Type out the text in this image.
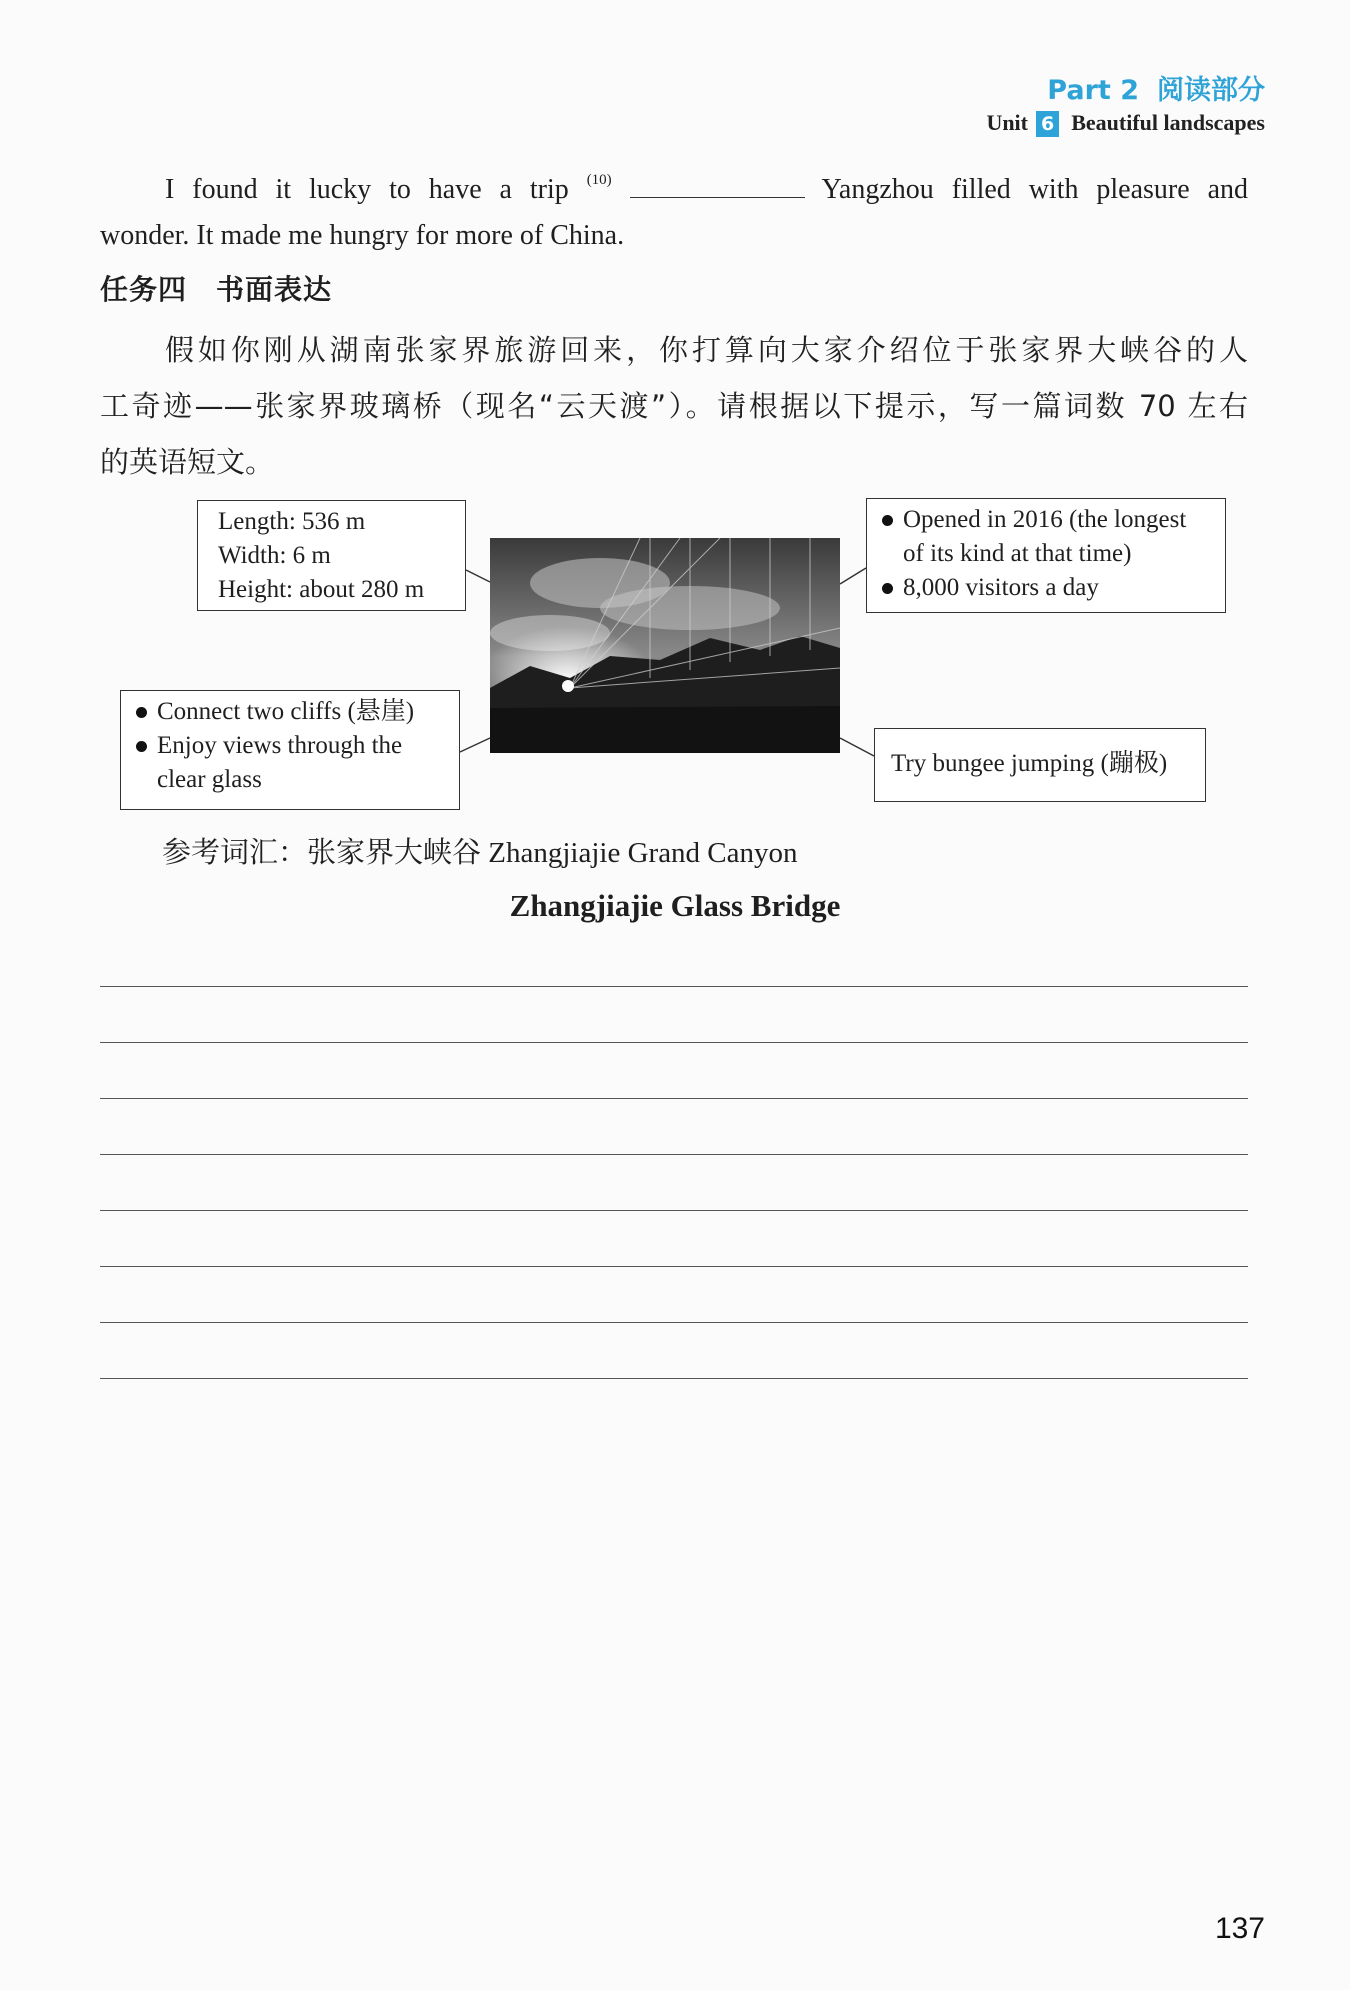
Part 2 阅读部分
Unit 6 Beautiful landscapes
I found it lucky to have a trip $^{(10)}$	Yangzhou filled with pleasure and
wonder. It made me hungry for more of China.
任务四　书面表达
假如你刚从湖南张家界旅游回来，你打算向大家介绍位于张家界大峡谷的人
工奇迹——张家界玻璃桥（现名“云天渡”）。请根据以下提示，写一篇词数 70 左右
的英语短文。
Length: 536 m
Width: 6 m
Height: about 280 m
Opened in 2016 (the longest
of its kind at that time)
8,000 visitors a day
Connect two cliffs (悬崖)
Enjoy views through the
clear glass
Try bungee jumping (蹦极)
参考词汇：张家界大峡谷 Zhangjiajie Grand Canyon
Zhangjiajie Glass Bridge
137
